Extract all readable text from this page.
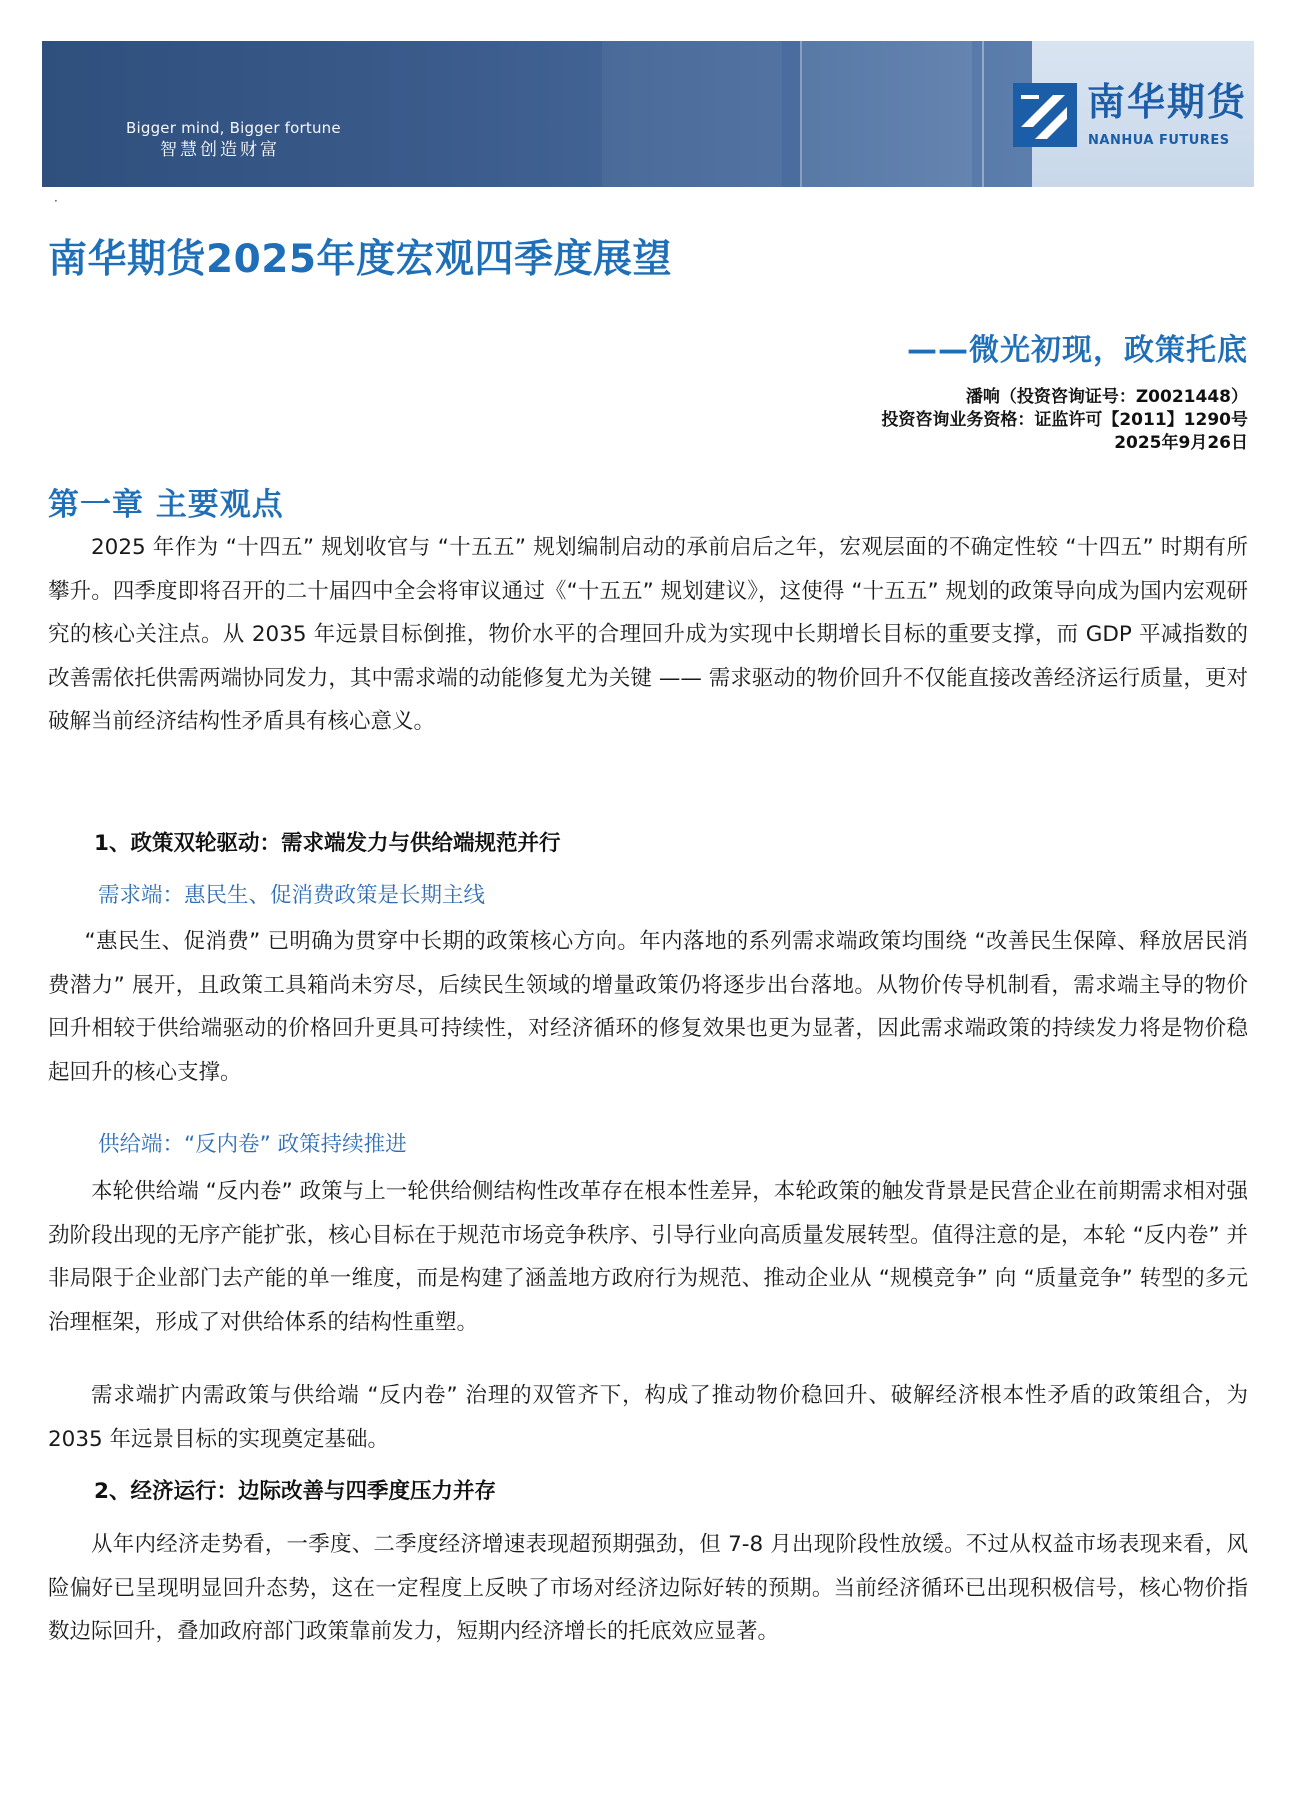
Bigger mind, Bigger fortune
智慧创造财富
南华期货
NANHUA FUTURES
·
南华期货2025年度宏观四季度展望
——微光初现，政策托底
潘响（投资咨询证号：Z0021448）
投资咨询业务资格：证监许可【2011】1290号
2025年9月26日
第一章 主要观点

2025 年作为 “十四五” 规划收官与 “十五五” 规划编制启动的承前启后之年，宏观层面的不确定性较 “十四五” 时期有所攀升。四季度即将召开的二十届四中全会将审议通过《“十五五” 规划建议》，这使得 “十五五” 规划的政策导向成为国内宏观研究的核心关注点。从 2035 年远景目标倒推，物价水平的合理回升成为实现中长期增长目标的重要支撑，而 GDP 平减指数的改善需依托供需两端协同发力，其中需求端的动能修复尤为关键 —— 需求驱动的物价回升不仅能直接改善经济运行质量，更对破解当前经济结构性矛盾具有核心意义。

1、政策双轮驱动：需求端发力与供给端规范并行

需求端：惠民生、促消费政策是长期主线

“惠民生、促消费” 已明确为贯穿中长期的政策核心方向。年内落地的系列需求端政策均围绕 “改善民生保障、释放居民消费潜力” 展开，且政策工具箱尚未穷尽，后续民生领域的增量政策仍将逐步出台落地。从物价传导机制看，需求端主导的物价回升相较于供给端驱动的价格回升更具可持续性，对经济循环的修复效果也更为显著，因此需求端政策的持续发力将是物价稳起回升的核心支撑。

供给端：“反内卷” 政策持续推进

本轮供给端 “反内卷” 政策与上一轮供给侧结构性改革存在根本性差异，本轮政策的触发背景是民营企业在前期需求相对强劲阶段出现的无序产能扩张，核心目标在于规范市场竞争秩序、引导行业向高质量发展转型。值得注意的是，本轮 “反内卷” 并非局限于企业部门去产能的单一维度，而是构建了涵盖地方政府行为规范、推动企业从 “规模竞争” 向 “质量竞争” 转型的多元治理框架，形成了对供给体系的结构性重塑。

需求端扩内需政策与供给端 “反内卷” 治理的双管齐下，构成了推动物价稳回升、破解经济根本性矛盾的政策组合，为 2035 年远景目标的实现奠定基础。

2、经济运行：边际改善与四季度压力并存

从年内经济走势看，一季度、二季度经济增速表现超预期强劲，但 7-8 月出现阶段性放缓。不过从权益市场表现来看，风险偏好已呈现明显回升态势，这在一定程度上反映了市场对经济边际好转的预期。当前经济循环已出现积极信号，核心物价指数边际回升，叠加政府部门政策靠前发力，短期内经济增长的托底效应显著。
